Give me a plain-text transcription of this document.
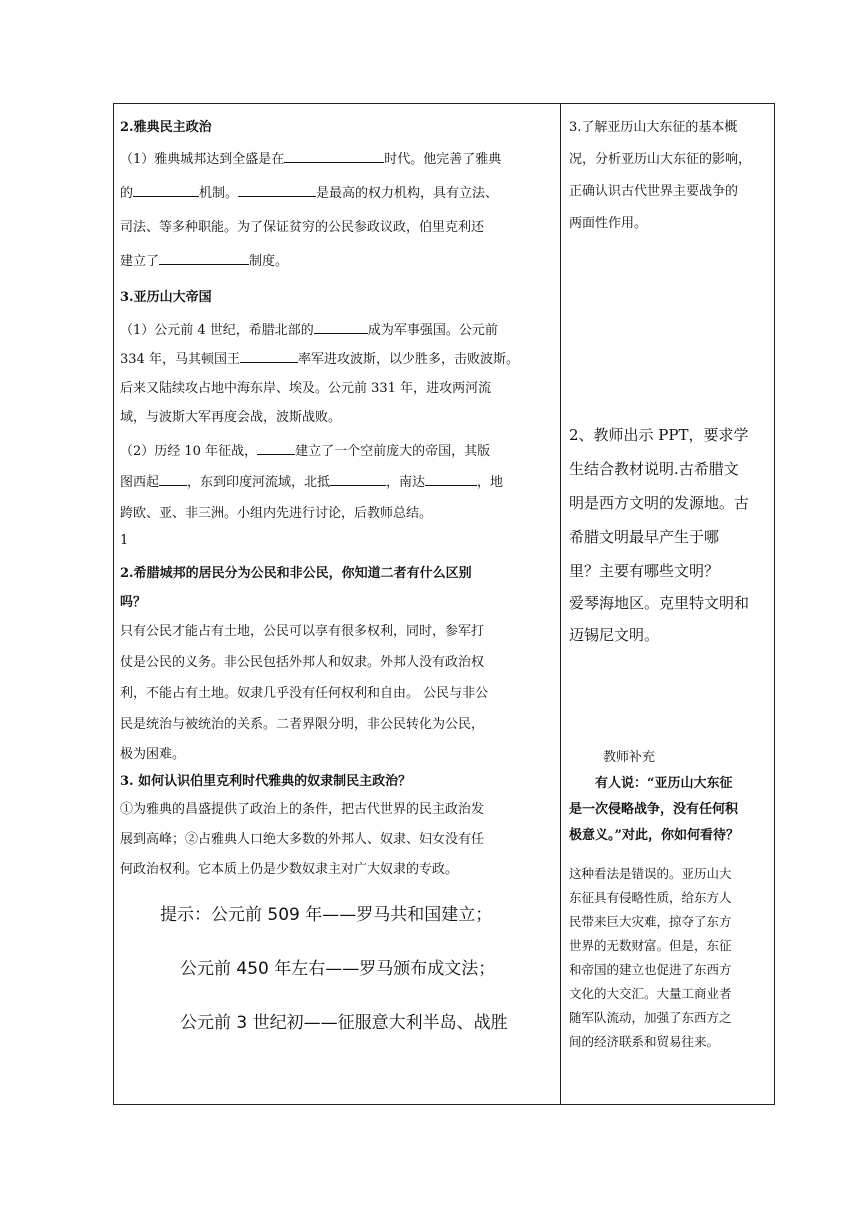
2.雅典民主政治
（1）雅典城邦达到全盛是在	时代。他完善了雅典
的	机制。	是最高的权力机构，具有立法、
司法、等多种职能。为了保证贫穷的公民参政议政，伯里克利还
建立了	制度。
3.亚历山大帝国
（1）公元前 4 世纪，希腊北部的	成为军事强国。公元前
334 年，马其顿国王	率军进攻波斯，以少胜多，击败波斯。
后来又陆续攻占地中海东岸、埃及。公元前 331 年，进攻两河流
域，与波斯大军再度会战，波斯战败。
（2）历经 10 年征战，	建立了一个空前庞大的帝国，其版
图西起 ，东到印度河流域，北抵	，南达	，地
跨欧、亚、非三洲。小组内先进行讨论，后教师总结。
1
2.希腊城邦的居民分为公民和非公民，你知道二者有什么区别
吗？
只有公民才能占有土地，公民可以享有很多权利，同时，参军打
仗是公民的义务。非公民包括外邦人和奴隶。外邦人没有政治权
利，不能占有土地。奴隶几乎没有任何权利和自由。 公民与非公
民是统治与被统治的关系。二者界限分明，非公民转化为公民，
极为困难。
3. 如何认识伯里克利时代雅典的奴隶制民主政治？
①为雅典的昌盛提供了政治上的条件，把古代世界的民主政治发
展到高峰；②占雅典人口绝大多数的外邦人、奴隶、妇女没有任
何政治权利。它本质上仍是少数奴隶主对广大奴隶的专政。
提示：公元前 509 年——罗马共和国建立；
公元前 450 年左右——罗马颁布成文法；
公元前 3 世纪初——征服意大利半岛、战胜
3.了解亚历山大东征的基本概
况，分析亚历山大东征的影响，
正确认识古代世界主要战争的
两面性作用。
2、教师出示 PPT，要求学
生结合教材说明.古希腊文
明是西方文明的发源地。古
希腊文明最早产生于哪
里？主要有哪些文明？
爱琴海地区。克里特文明和
迈锡尼文明。
教师补充
有人说：“亚历山大东征
是一次侵略战争，没有任何积
极意义。”对此，你如何看待？
这种看法是错误的。亚历山大
东征具有侵略性质，给东方人
民带来巨大灾难，掠夺了东方
世界的无数财富。但是，东征
和帝国的建立也促进了东西方
文化的大交汇。大量工商业者
随军队流动，加强了东西方之
间的经济联系和贸易往来。
